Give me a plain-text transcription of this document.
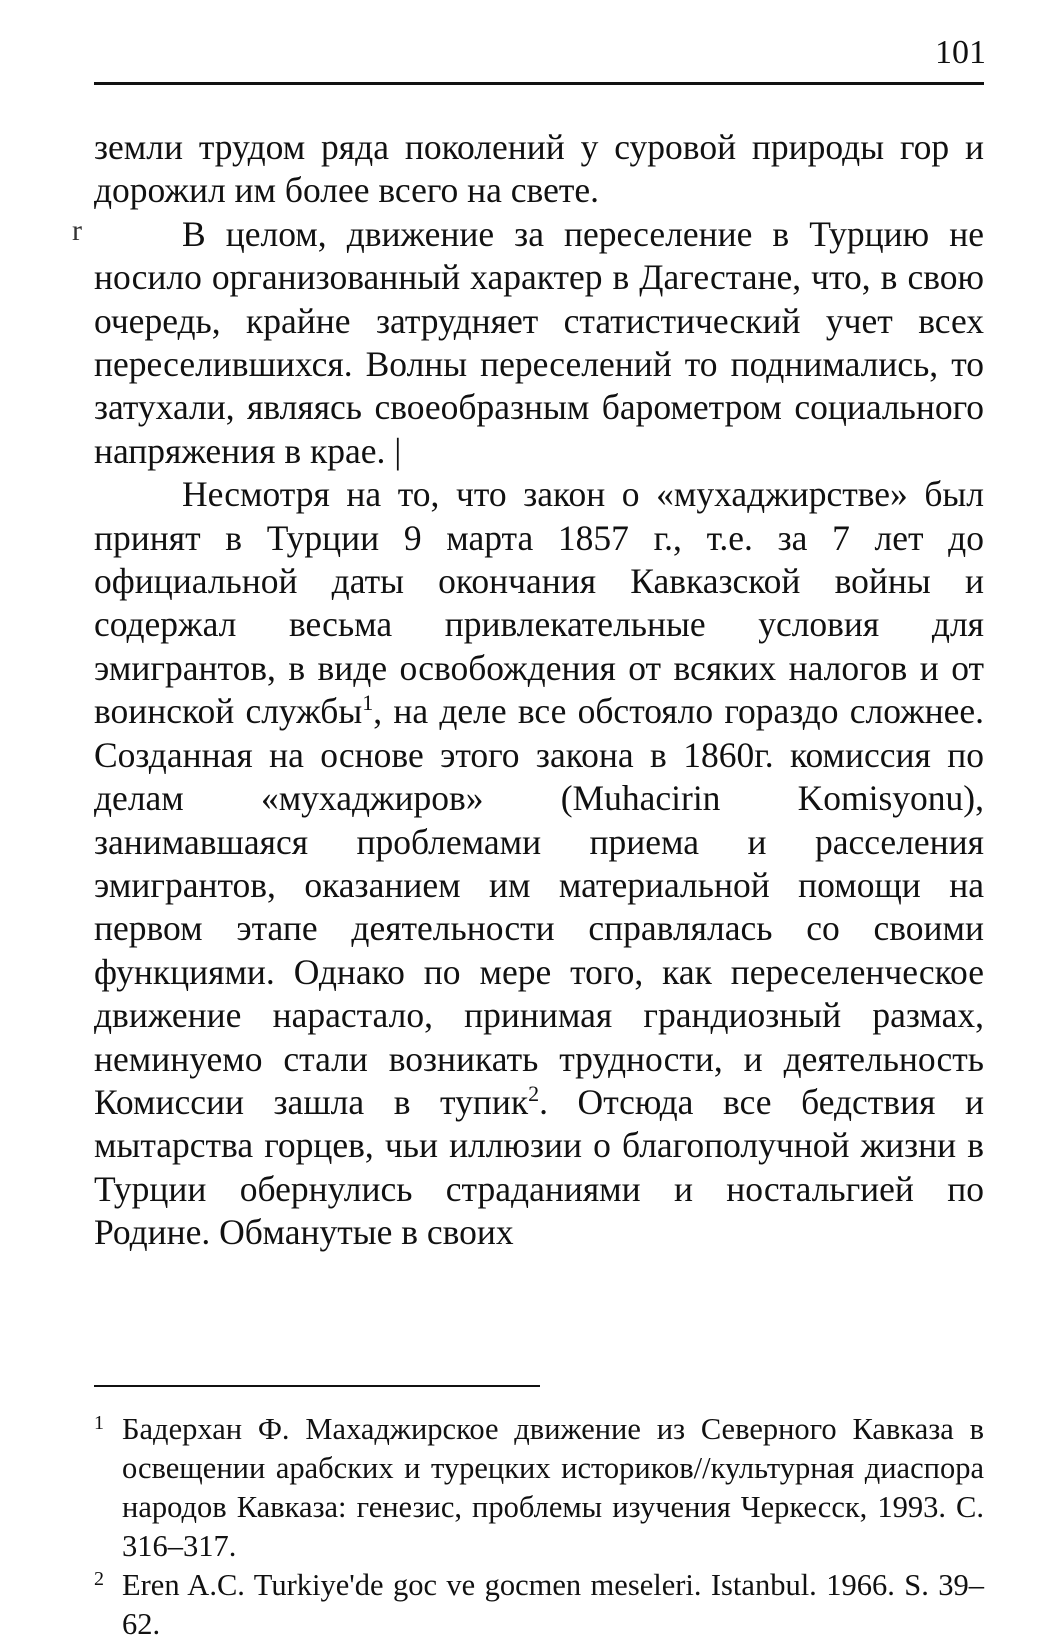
101
r

земли трудом ряда поколений у суровой природы гор и дорожил им более всего на свете.

В целом, движение за переселение в Турцию не носило организованный характер в Дагестане, что, в свою очередь, крайне затрудняет статистический учет всех переселившихся. Волны переселений то поднимались, то затухали, являясь своеобразным барометром социального напряжения в крае. |

Несмотря на то, что закон о «мухаджирстве» был принят в Турции 9 марта 1857 г., т.е. за 7 лет до официальной даты окончания Кавказской войны и содержал весьма привлекательные условия для эмигрантов, в виде освобождения от всяких налогов и от воинской службы$^1$, на деле все обстояло гораздо сложнее. Созданная на основе этого закона в 1860г. комиссия по делам «мухаджиров» (Muhacirin Komisyonu), занимавшаяся проблемами приема и расселения эмигрантов, оказанием им материальной помощи на первом этапе деятельности справлялась со своими функциями. Однако по мере того, как переселенческое движение нарастало, принимая грандиозный размах, неминуемо стали возникать трудности, и деятельность Комиссии зашла в тупик$^2$. Отсюда все бедствия и мытарства горцев, чьи иллюзии о благополучной жизни в Турции обернулись страданиями и ностальгией по Родине. Обманутые в своих

1 Бадерхан Ф. Махаджирское движение из Северного Кавказа в освещении арабских и турецких историков//культурная диаспора народов Кавказа: генезис, проблемы изучения Черкесск, 1993. С. 316–317.

2 Eren A.C. Turkiye'de goc ve gocmen meseleri. Istanbul. 1966. S. 39–62.
